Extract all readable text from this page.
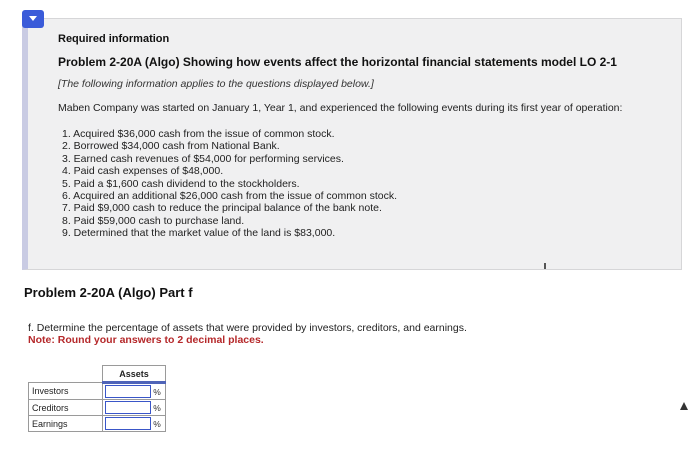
Required information
Problem 2-20A (Algo) Showing how events affect the horizontal financial statements model LO 2-1
[The following information applies to the questions displayed below.]
Maben Company was started on January 1, Year 1, and experienced the following events during its first year of operation:
1. Acquired $36,000 cash from the issue of common stock.
2. Borrowed $34,000 cash from National Bank.
3. Earned cash revenues of $54,000 for performing services.
4. Paid cash expenses of $48,000.
5. Paid a $1,600 cash dividend to the stockholders.
6. Acquired an additional $26,000 cash from the issue of common stock.
7. Paid $9,000 cash to reduce the principal balance of the bank note.
8. Paid $59,000 cash to purchase land.
9. Determined that the market value of the land is $83,000.
Problem 2-20A (Algo) Part f
f. Determine the percentage of assets that were provided by investors, creditors, and earnings.
Note: Round your answers to 2 decimal places.
	Assets
Investors	%
Creditors	%
Earnings	%
